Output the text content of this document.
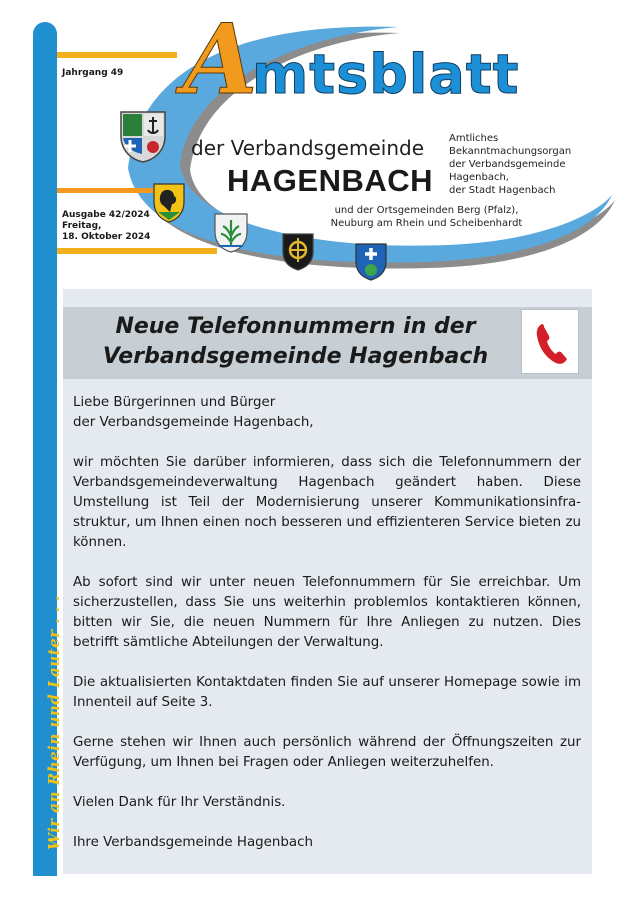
Wir an Rhein und Lauter . . .
Jahrgang 49
Ausgabe 42/2024
Freitag,
18. Oktober 2024
A
mtsblatt
der Verbandsgemeinde
HAGENBACH
Amtliches
Bekanntmachungsorgan
der Verbandsgemeinde
Hagenbach,
der Stadt Hagenbach
und der Ortsgemeinden Berg (Pfalz),
Neuburg am Rhein und Scheibenhardt
Neue Telefonnummern in der
Verbandsgemeinde Hagenbach

Liebe Bürgerinnen und Bürger
der Verbandsgemeinde Hagenbach,

wir möchten Sie darüber informieren, dass sich die Telefonnummern der Verbandsgemeindeverwaltung Hagenbach geändert haben. Diese Umstellung ist Teil der Modernisierung unserer Kommunikationsinfra-struktur, um Ihnen einen noch besseren und effizienteren Service bieten zu können.

Ab sofort sind wir unter neuen Telefonnummern für Sie erreichbar. Um sicherzustellen, dass Sie uns weiterhin problemlos kontaktieren können, bitten wir Sie, die neuen Nummern für Ihre Anliegen zu nutzen. Dies betrifft sämtliche Abteilungen der Verwaltung.

Die aktualisierten Kontaktdaten finden Sie auf unserer Homepage sowie im Innenteil auf Seite 3.

Gerne stehen wir Ihnen auch persönlich während der Öffnungszeiten zur Verfügung, um Ihnen bei Fragen oder Anliegen weiterzuhelfen.

Vielen Dank für Ihr Verständnis.

Ihre Verbandsgemeinde Hagenbach
